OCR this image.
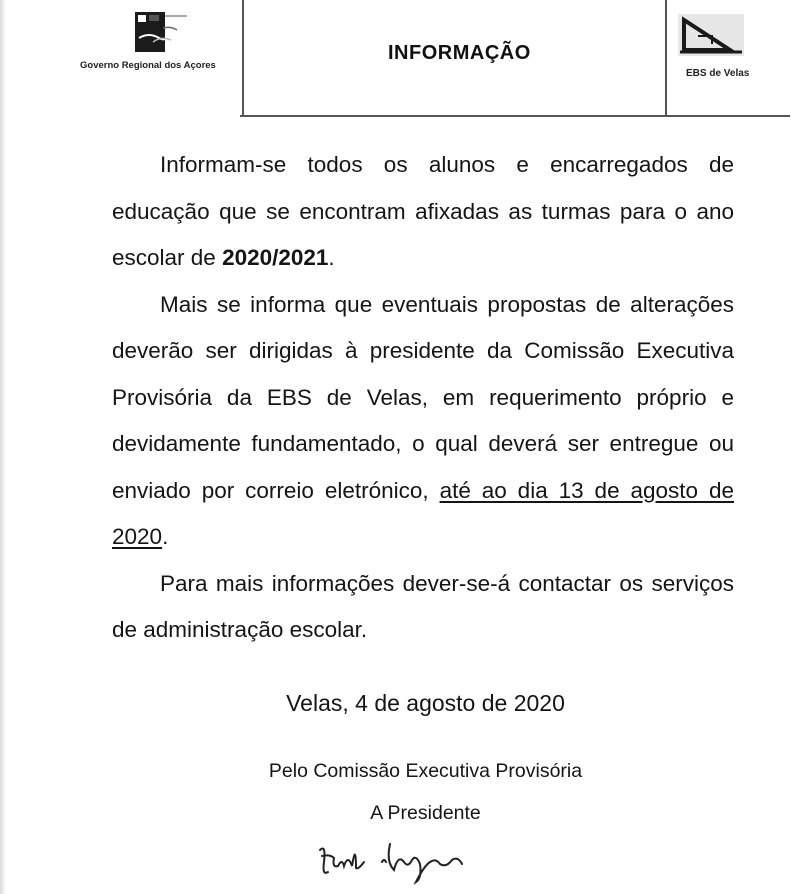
Governo Regional dos Açores
INFORMAÇÃO
EBS de Velas

Informam-se todos os alunos e encarregados de educação que se encontram afixadas as turmas para o ano escolar de 2020/2021.

Mais se informa que eventuais propostas de alterações deverão ser dirigidas à presidente da Comissão Executiva Provisória da EBS de Velas, em requerimento próprio e devidamente fundamentado, o qual deverá ser entregue ou enviado por correio eletrónico, até ao dia 13 de agosto de 2020.

Para mais informações dever-se-á contactar os serviços de administração escolar.

Velas, 4 de agosto de 2020
Pelo Comissão Executiva Provisória
A Presidente
